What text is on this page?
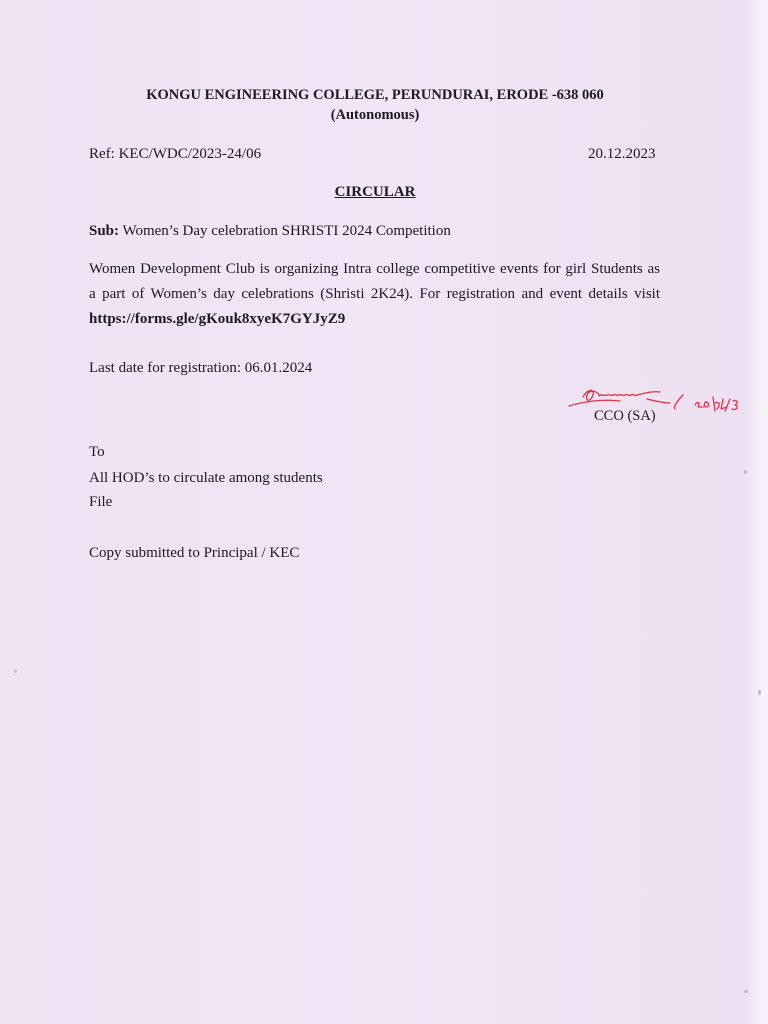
KONGU ENGINEERING COLLEGE, PERUNDURAI, ERODE -638 060
(Autonomous)
Ref: KEC/WDC/2023-24/06	20.12.2023
CIRCULAR
Sub: Women’s Day celebration SHRISTI 2024 Competition
Women Development Club is organizing Intra college competitive events for girl Students as
a part of Women’s day celebrations (Shristi 2K24). For registration and event details visit
https://forms.gle/gKouk8xyeK7GYJyZ9
Last date for registration: 06.01.2024
CCO (SA)
To
All HOD’s to circulate among students
File
Copy submitted to Principal / KEC
